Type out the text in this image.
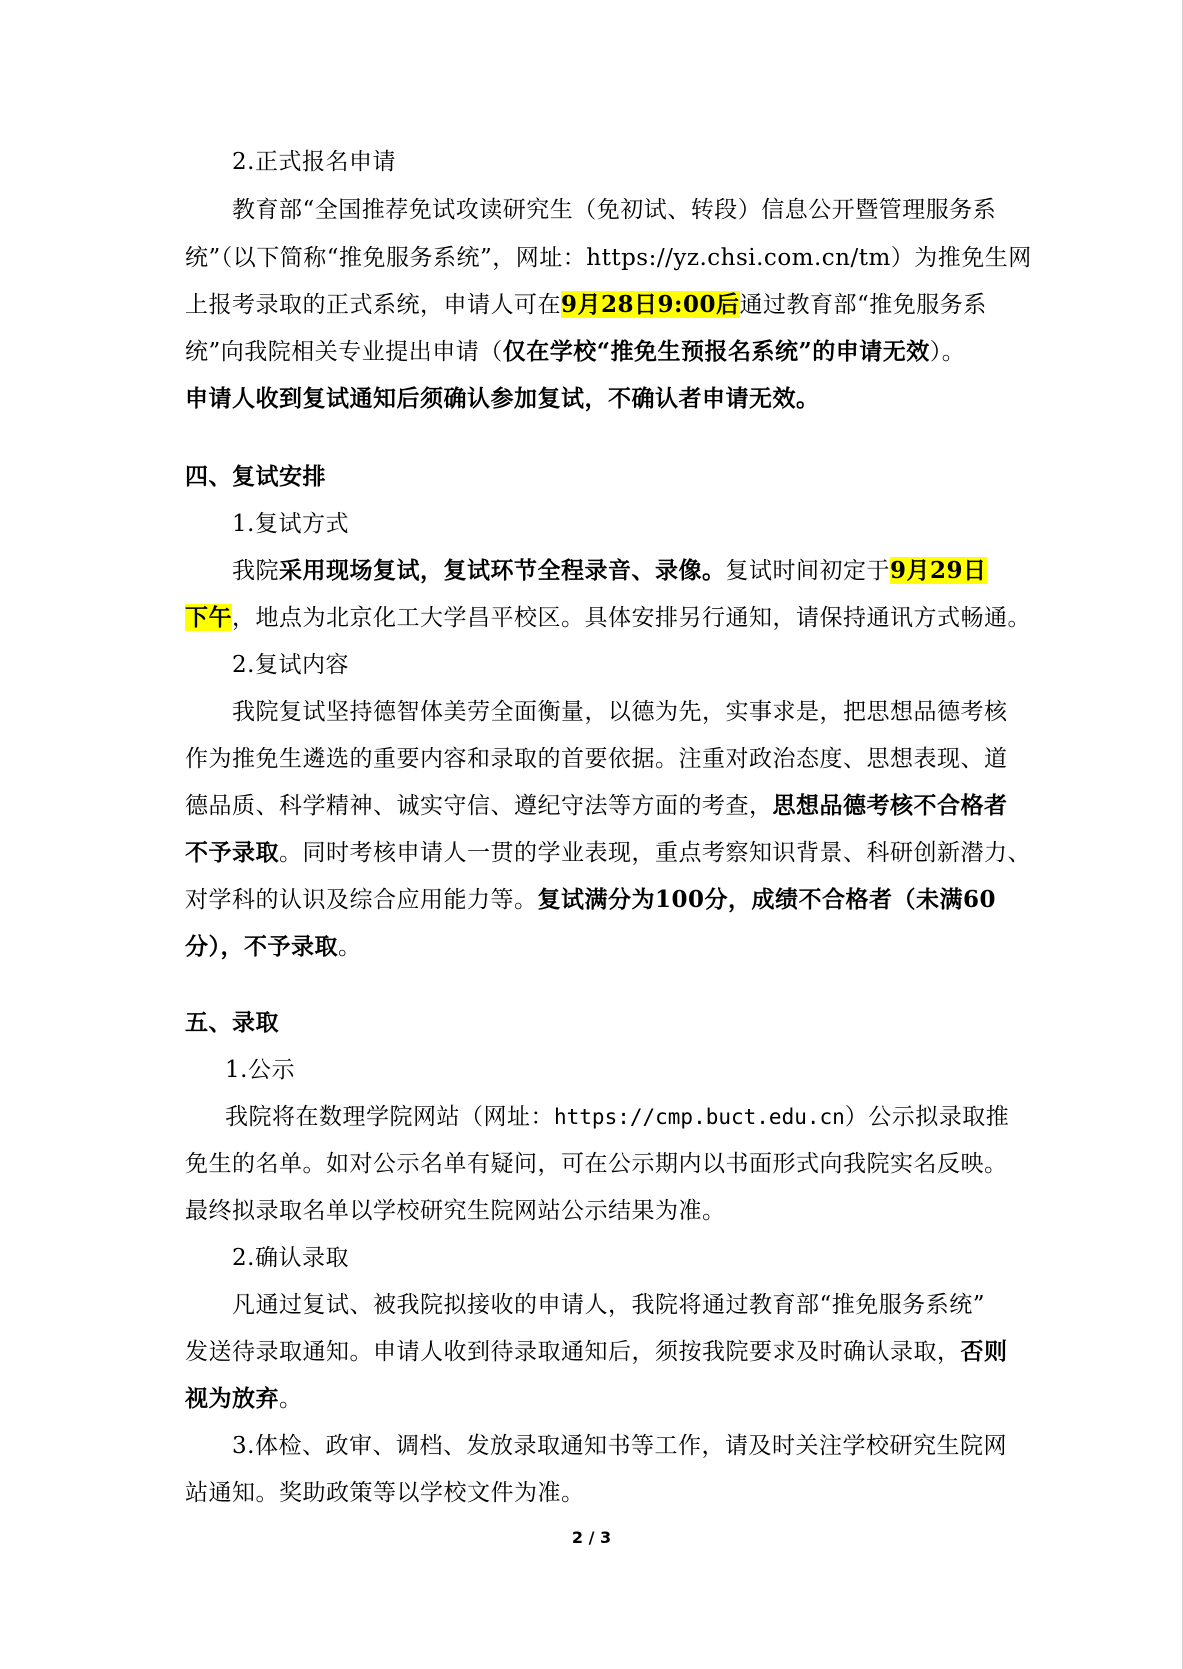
2.正式报名申请
教育部“全国推荐免试攻读研究生（免初试、转段）信息公开暨管理服务系
统”（以下简称“推免服务系统”，网址：https://yz.chsi.com.cn/tm）为推免生网
上报考录取的正式系统，申请人可在9月28日9:00后通过教育部“推免服务系
统”向我院相关专业提出申请（仅在学校“推免生预报名系统”的申请无效）。
申请人收到复试通知后须确认参加复试，不确认者申请无效。
四、复试安排
1.复试方式
我院采用现场复试，复试环节全程录音、录像。复试时间初定于9月29日
下午，地点为北京化工大学昌平校区。具体安排另行通知，请保持通讯方式畅通。
2.复试内容
我院复试坚持德智体美劳全面衡量，以德为先，实事求是，把思想品德考核
作为推免生遴选的重要内容和录取的首要依据。注重对政治态度、思想表现、道
德品质、科学精神、诚实守信、遵纪守法等方面的考查，思想品德考核不合格者
不予录取。同时考核申请人一贯的学业表现，重点考察知识背景、科研创新潜力、
对学科的认识及综合应用能力等。复试满分为100分，成绩不合格者（未满60
分），不予录取。
五、录取
1.公示
我院将在数理学院网站（网址：https://cmp.buct.edu.cn）公示拟录取推
免生的名单。如对公示名单有疑问，可在公示期内以书面形式向我院实名反映。
最终拟录取名单以学校研究生院网站公示结果为准。
2.确认录取
凡通过复试、被我院拟接收的申请人，我院将通过教育部“推免服务系统”
发送待录取通知。申请人收到待录取通知后，须按我院要求及时确认录取，否则
视为放弃。
3.体检、政审、调档、发放录取通知书等工作，请及时关注学校研究生院网
站通知。奖助政策等以学校文件为准。
2 / 3
